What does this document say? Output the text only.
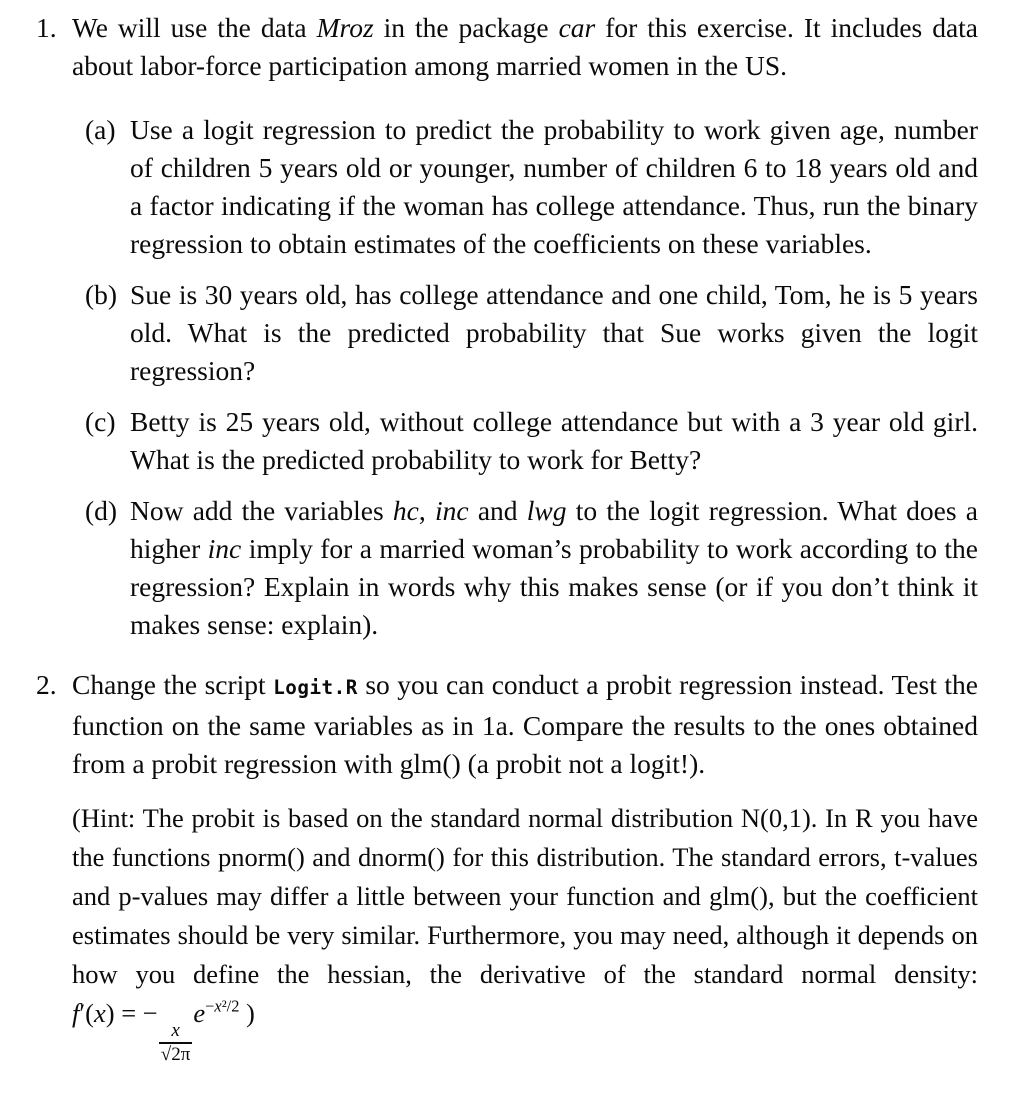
1. We will use the data Mroz in the package car for this exercise. It includes data about labor-force participation among married women in the US.
(a) Use a logit regression to predict the probability to work given age, number of children 5 years old or younger, number of children 6 to 18 years old and a factor indicating if the woman has college attendance. Thus, run the binary regression to obtain estimates of the coefficients on these variables.
(b) Sue is 30 years old, has college attendance and one child, Tom, he is 5 years old. What is the predicted probability that Sue works given the logit regression?
(c) Betty is 25 years old, without college attendance but with a 3 year old girl. What is the predicted probability to work for Betty?
(d) Now add the variables hc, inc and lwg to the logit regression. What does a higher inc imply for a married woman’s probability to work according to the regression? Explain in words why this makes sense (or if you don’t think it makes sense: explain).
2. Change the script Logit.R so you can conduct a probit regression instead. Test the function on the same variables as in 1a. Compare the results to the ones obtained from a probit regression with glm() (a probit not a logit!).
(Hint: The probit is based on the standard normal distribution N(0,1). In R you have the functions pnorm() and dnorm() for this distribution. The standard errors, t-values and p-values may differ a little between your function and glm(), but the coefficient estimates should be very similar. Furthermore, you may need, although it depends on how you define the hessian, the derivative of the standard normal density: f′(x) = −
$\frac{x}{√2\pi}$
$e^{-x^2/2}$ )
